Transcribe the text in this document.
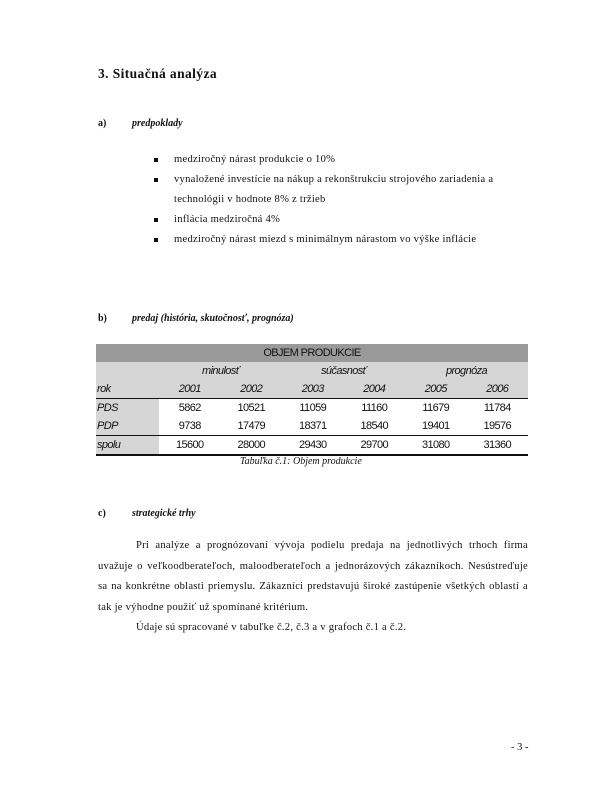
3. Situačná analýza
a)	predpoklady
medziročný nárast produkcie o 10%
vynaložené investície na nákup a rekonštrukciu strojového zariadenia a technológii v hodnote 8% z tržieb
inflácia medziročná 4%
medziročný nárast miezd s minimálnym nárastom vo výške inflácie
b)	predaj (história, skutočnosť, prognóza)
OBJEM PRODUKCIE						
	minulosť		súčasnosť		prognóza	
rok	2001	2002	2003	2004	2005	2006
PDS	5862	10521	11059	11160	11679	11784
PDP	9738	17479	18371	18540	19401	19576
spolu	15600	28000	29430	29700	31080	31360
Tabuľka č.1: Objem produkcie
c)	strategické trhy

Pri analýze a prognózovaní vývoja podielu predaja na jednotlivých trhoch firma uvažuje o veľkoodberateľoch, maloodberateľoch a jednorázových zákazníkoch. Nesústreďuje sa na konkrétne oblasti priemyslu. Zákazníci predstavujú široké zastúpenie všetkých oblastí a tak je výhodne použiť už spomínané kritérium.

Údaje sú spracované v tabuľke č.2, č.3 a v grafoch č.1 a č.2.

- 3 -
